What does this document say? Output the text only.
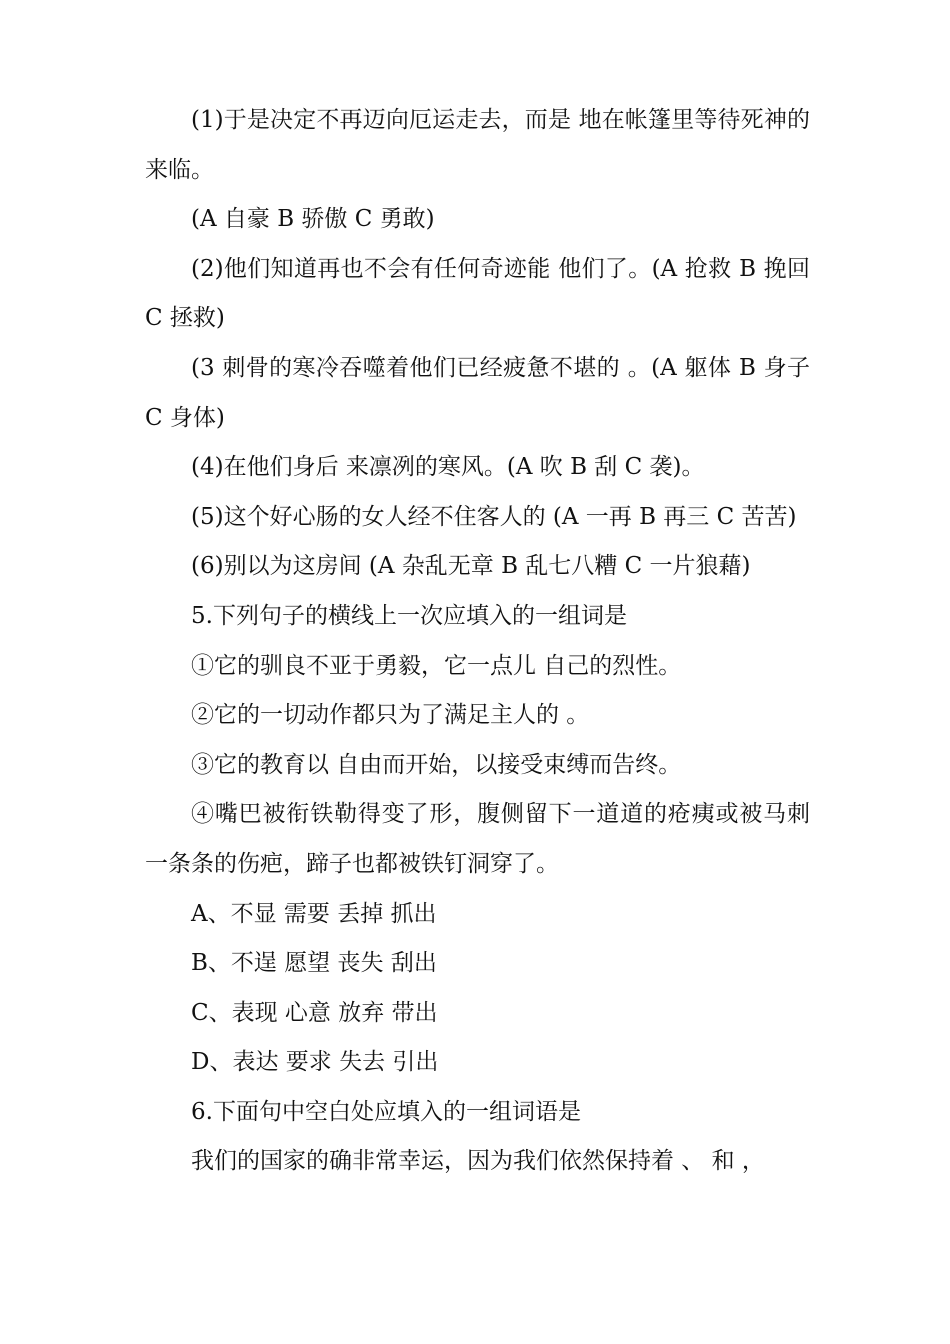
(1)于是决定不再迈向厄运走去，而是 地在帐篷里等待死神的来临。

(A 自豪 B 骄傲 C 勇敢)

(2)他们知道再也不会有任何奇迹能 他们了。(A 抢救 B 挽回 C 拯救)

(3 刺骨的寒冷吞噬着他们已经疲惫不堪的 。(A 躯体 B 身子 C 身体)

(4)在他们身后 来凛冽的寒风。(A 吹 B 刮 C 袭)。

(5)这个好心肠的女人经不住客人的 (A 一再 B 再三 C 苦苦)

(6)别以为这房间 (A 杂乱无章 B 乱七八糟 C 一片狼藉)

5.下列句子的横线上一次应填入的一组词是

①它的驯良不亚于勇毅，它一点儿 自己的烈性。

②它的一切动作都只为了满足主人的 。

③它的教育以 自由而开始，以接受束缚而告终。

④嘴巴被衔铁勒得变了形，腹侧留下一道道的疮痍或被马刺一条条的伤疤，蹄子也都被铁钉洞穿了。

A、不显 需要 丢掉 抓出

B、不逞 愿望 丧失 刮出

C、表现 心意 放弃 带出

D、表达 要求 失去 引出

6.下面句中空白处应填入的一组词语是

我们的国家的确非常幸运，因为我们依然保持着 、 和 ，
